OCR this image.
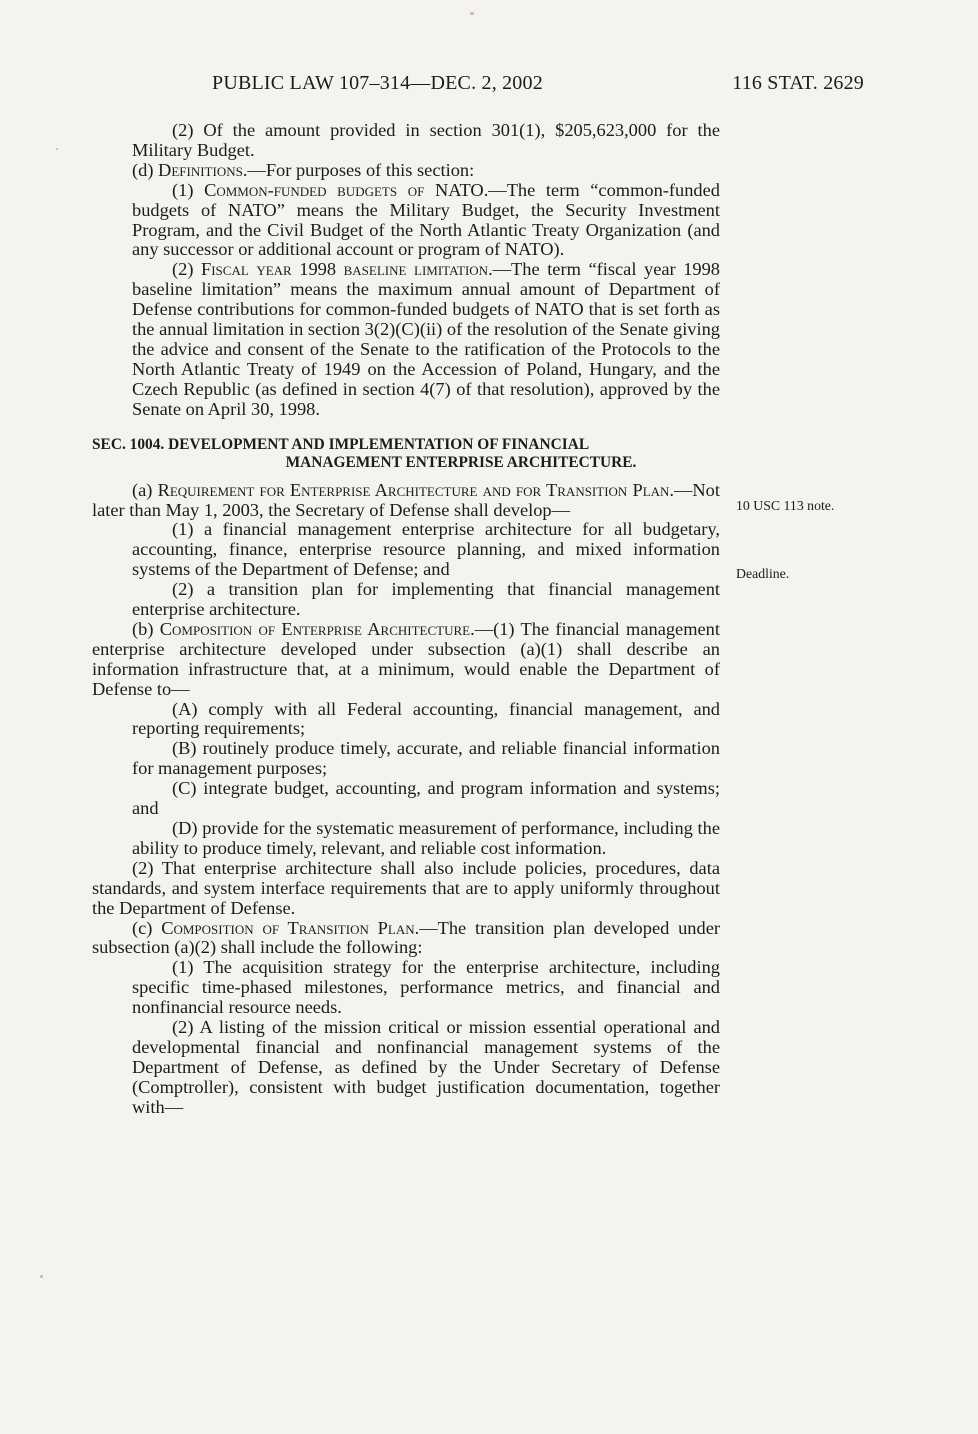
PUBLIC LAW 107–314—DEC. 2, 2002	116 STAT. 2629
10 USC 113 note.
Deadline.

(2) Of the amount provided in section 301(1), $205,623,000 for the Military Budget.

(d) Definitions.—For purposes of this section:

(1) Common-funded budgets of NATO.—The term “common-funded budgets of NATO” means the Military Budget, the Security Investment Program, and the Civil Budget of the North Atlantic Treaty Organization (and any successor or additional account or program of NATO).

(2) Fiscal year 1998 baseline limitation.—The term “fiscal year 1998 baseline limitation” means the maximum annual amount of Department of Defense contributions for common-funded budgets of NATO that is set forth as the annual limitation in section 3(2)(C)(ii) of the resolution of the Senate giving the advice and consent of the Senate to the ratification of the Protocols to the North Atlantic Treaty of 1949 on the Accession of Poland, Hungary, and the Czech Republic (as defined in section 4(7) of that resolution), approved by the Senate on April 30, 1998.

SEC. 1004. DEVELOPMENT AND IMPLEMENTATION OF FINANCIAL
MANAGEMENT ENTERPRISE ARCHITECTURE.

(a) Requirement for Enterprise Architecture and for Transition Plan.—Not later than May 1, 2003, the Secretary of Defense shall develop—

(1) a financial management enterprise architecture for all budgetary, accounting, finance, enterprise resource planning, and mixed information systems of the Department of Defense; and

(2) a transition plan for implementing that financial management enterprise architecture.

(b) Composition of Enterprise Architecture.—(1) The financial management enterprise architecture developed under subsection (a)(1) shall describe an information infrastructure that, at a minimum, would enable the Department of Defense to—

(A) comply with all Federal accounting, financial management, and reporting requirements;

(B) routinely produce timely, accurate, and reliable financial information for management purposes;

(C) integrate budget, accounting, and program information and systems; and

(D) provide for the systematic measurement of performance, including the ability to produce timely, relevant, and reliable cost information.

(2) That enterprise architecture shall also include policies, procedures, data standards, and system interface requirements that are to apply uniformly throughout the Department of Defense.

(c) Composition of Transition Plan.—The transition plan developed under subsection (a)(2) shall include the following:

(1) The acquisition strategy for the enterprise architecture, including specific time-phased milestones, performance metrics, and financial and nonfinancial resource needs.

(2) A listing of the mission critical or mission essential operational and developmental financial and nonfinancial management systems of the Department of Defense, as defined by the Under Secretary of Defense (Comptroller), consistent with budget justification documentation, together with—
